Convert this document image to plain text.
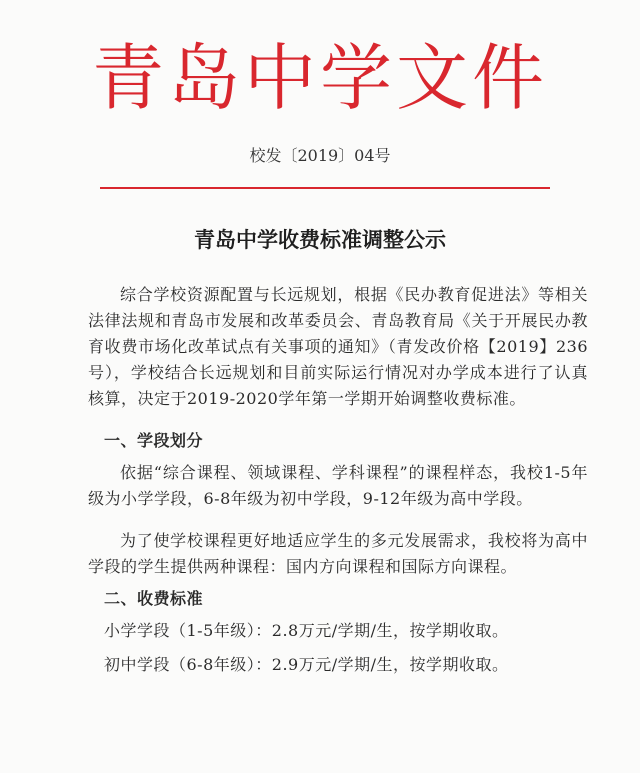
青岛中学文件
校发〔2019〕04号
青岛中学收费标准调整公示

综合学校资源配置与长远规划，根据《民办教育促进法》等相关法律法规和青岛市发展和改革委员会、青岛教育局《关于开展民办教育收费市场化改革试点有关事项的通知》（青发改价格【2019】236号），学校结合长远规划和目前实际运行情况对办学成本进行了认真核算，决定于2019-2020学年第一学期开始调整收费标准。

一、学段划分

依据“综合课程、领域课程、学科课程”的课程样态，我校1-5年级为小学学段，6-8年级为初中学段，9-12年级为高中学段。

为了使学校课程更好地适应学生的多元发展需求，我校将为高中学段的学生提供两种课程：国内方向课程和国际方向课程。

二、收费标准

小学学段（1-5年级）：2.8万元/学期/生，按学期收取。

初中学段（6-8年级）：2.9万元/学期/生，按学期收取。
